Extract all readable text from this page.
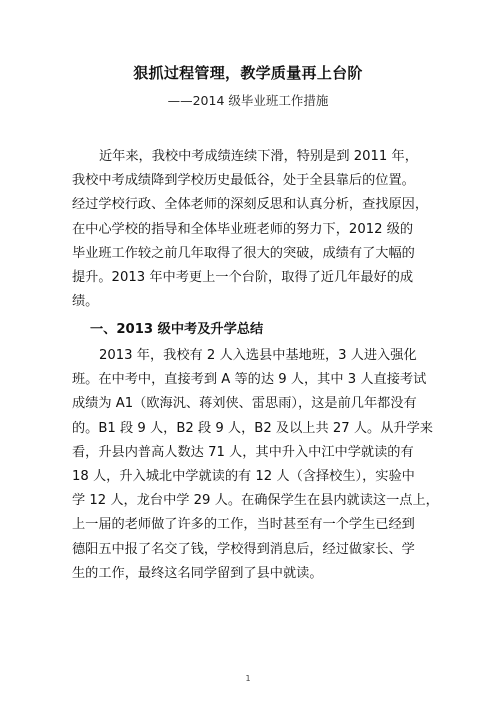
狠抓过程管理，教学质量再上台阶
——2014 级毕业班工作措施
近年来，我校中考成绩连续下滑，特别是到 2011 年，
我校中考成绩降到学校历史最低谷，处于全县靠后的位置。
经过学校行政、全体老师的深刻反思和认真分析，查找原因，
在中心学校的指导和全体毕业班老师的努力下，2012 级的
毕业班工作较之前几年取得了很大的突破，成绩有了大幅的
提升。2013 年中考更上一个台阶，取得了近几年最好的成
绩。
一、2013 级中考及升学总结
2013 年，我校有 2 人入选县中基地班，3 人进入强化
班。在中考中，直接考到 A 等的达 9 人，其中 3 人直接考试
成绩为 A1（欧海汎、蒋刘侠、雷思雨），这是前几年都没有
的。B1 段 9 人，B2 段 9 人，B2 及以上共 27 人。从升学来
看，升县内普高人数达 71 人，其中升入中江中学就读的有
18 人，升入城北中学就读的有 12 人（含择校生），实验中
学 12 人，龙台中学 29 人。在确保学生在县内就读这一点上，
上一届的老师做了许多的工作，当时甚至有一个学生已经到
德阳五中报了名交了钱，学校得到消息后，经过做家长、学
生的工作，最终这名同学留到了县中就读。
1
